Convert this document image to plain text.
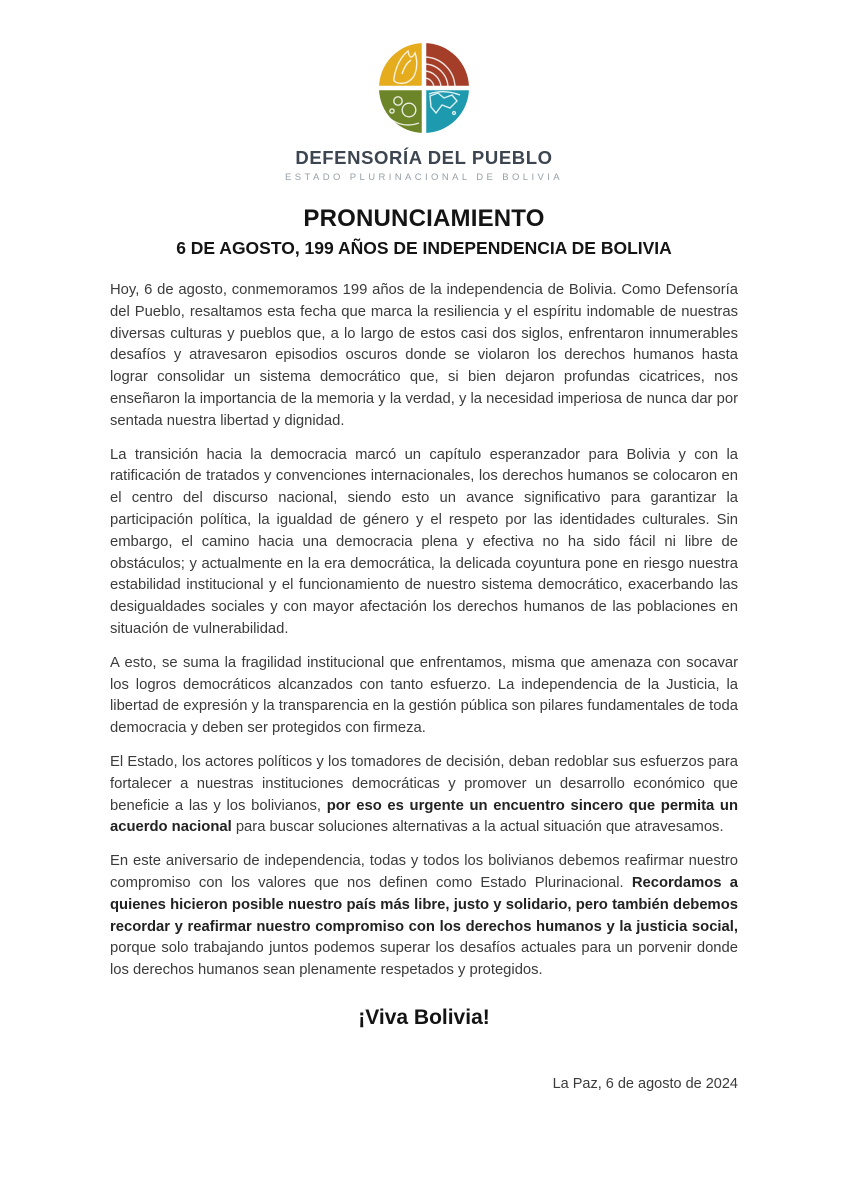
DEFENSORÍA DEL PUEBLO
ESTADO PLURINACIONAL DE BOLIVIA
PRONUNCIAMIENTO
6 DE AGOSTO, 199 AÑOS DE INDEPENDENCIA DE BOLIVIA

Hoy, 6 de agosto, conmemoramos 199 años de la independencia de Bolivia. Como Defensoría del Pueblo, resaltamos esta fecha que marca la resiliencia y el espíritu indomable de nuestras diversas culturas y pueblos que, a lo largo de estos casi dos siglos, enfrentaron innumerables desafíos y atravesaron episodios oscuros donde se violaron los derechos humanos hasta lograr consolidar un sistema democrático que, si bien dejaron profundas cicatrices, nos enseñaron la importancia de la memoria y la verdad, y la necesidad imperiosa de nunca dar por sentada nuestra libertad y dignidad.

La transición hacia la democracia marcó un capítulo esperanzador para Bolivia y con la ratificación de tratados y convenciones internacionales, los derechos humanos se colocaron en el centro del discurso nacional, siendo esto un avance significativo para garantizar la participación política, la igualdad de género y el respeto por las identidades culturales. Sin embargo, el camino hacia una democracia plena y efectiva no ha sido fácil ni libre de obstáculos; y actualmente en la era democrática, la delicada coyuntura pone en riesgo nuestra estabilidad institucional y el funcionamiento de nuestro sistema democrático, exacerbando las desigualdades sociales y con mayor afectación los derechos humanos de las poblaciones en situación de vulnerabilidad.

A esto, se suma la fragilidad institucional que enfrentamos, misma que amenaza con socavar los logros democráticos alcanzados con tanto esfuerzo. La independencia de la Justicia, la libertad de expresión y la transparencia en la gestión pública son pilares fundamentales de toda democracia y deben ser protegidos con firmeza.

El Estado, los actores políticos y los tomadores de decisión, deban redoblar sus esfuerzos para fortalecer a nuestras instituciones democráticas y promover un desarrollo económico que beneficie a las y los bolivianos, por eso es urgente un encuentro sincero que permita un acuerdo nacional para buscar soluciones alternativas a la actual situación que atravesamos.

En este aniversario de independencia, todas y todos los bolivianos debemos reafirmar nuestro compromiso con los valores que nos definen como Estado Plurinacional. Recordamos a quienes hicieron posible nuestro país más libre, justo y solidario, pero también debemos recordar y reafirmar nuestro compromiso con los derechos humanos y la justicia social, porque solo trabajando juntos podemos superar los desafíos actuales para un porvenir donde los derechos humanos sean plenamente respetados y protegidos.

¡Viva Bolivia!
La Paz, 6 de agosto de 2024
